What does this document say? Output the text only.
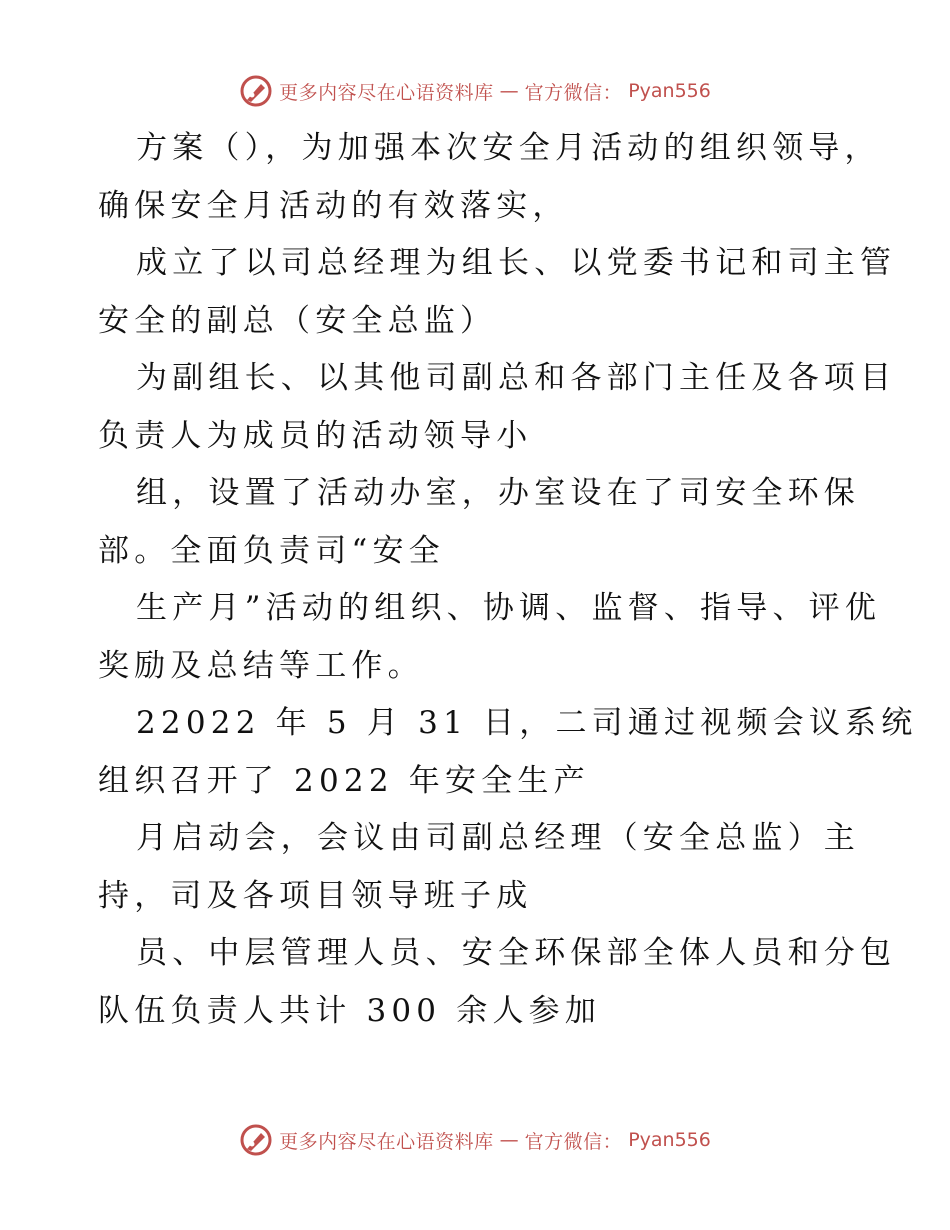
更多内容尽在心语资料库 — 官方微信： Pyan556

方案（），为加强本次安全月活动的组织领导，
确保安全月活动的有效落实，

成立了以司总经理为组长、以党委书记和司主管
安全的副总（安全总监）

为副组长、以其他司副总和各部门主任及各项目
负责人为成员的活动领导小

组，设置了活动办室，办室设在了司安全环保
部。全面负责司“安全

生产月”活动的组织、协调、监督、指导、评优
奖励及总结等工作。

22022 年 5 月 31 日，二司通过视频会议系统
组织召开了 2022 年安全生产

月启动会，会议由司副总经理（安全总监）主
持，司及各项目领导班子成

员、中层管理人员、安全环保部全体人员和分包
队伍负责人共计 300 余人参加

更多内容尽在心语资料库 — 官方微信： Pyan556
